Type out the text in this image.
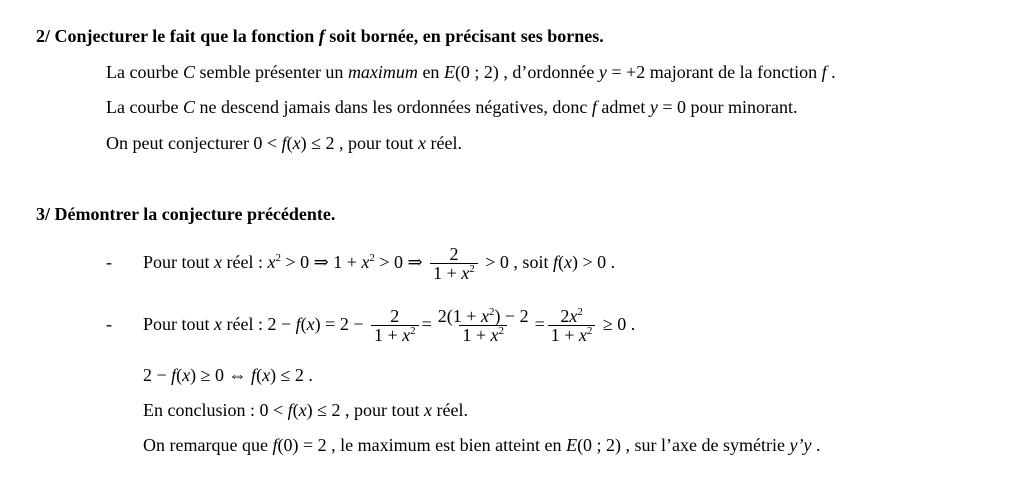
2/ Conjecturer le fait que la fonction f soit bornée, en précisant ses bornes.
La courbe C semble présenter un maximum en E(0 ; 2) , d’ordonnée y = +2 majorant de la fonction f .
La courbe C ne descend jamais dans les ordonnées négatives, donc f admet y = 0 pour minorant.
On peut conjecturer 0 < f(x) ≤ 2 , pour tout x réel.
3/ Démontrer la conjecture précédente.
- Pour tout x réel : $x^2 > 0$ ⇒ $1 + x^2 > 0$ ⇒ $\frac{2}{1 + x^2} > 0$ , soit f(x) > 0 .
- Pour tout x réel : $2 - f(x) = 2 - \frac{2}{1 + x^2} = \frac{2(1 + x^2) - 2}{1 + x^2} = \frac{2x^2}{1 + x^2} \ge 0$ .
2 − f(x) ≥ 0 ⇔ f(x) ≤ 2 .
En conclusion : 0 < f(x) ≤ 2 , pour tout x réel.
On remarque que f(0) = 2 , le maximum est bien atteint en E(0 ; 2) , sur l’axe de symétrie y’y .
